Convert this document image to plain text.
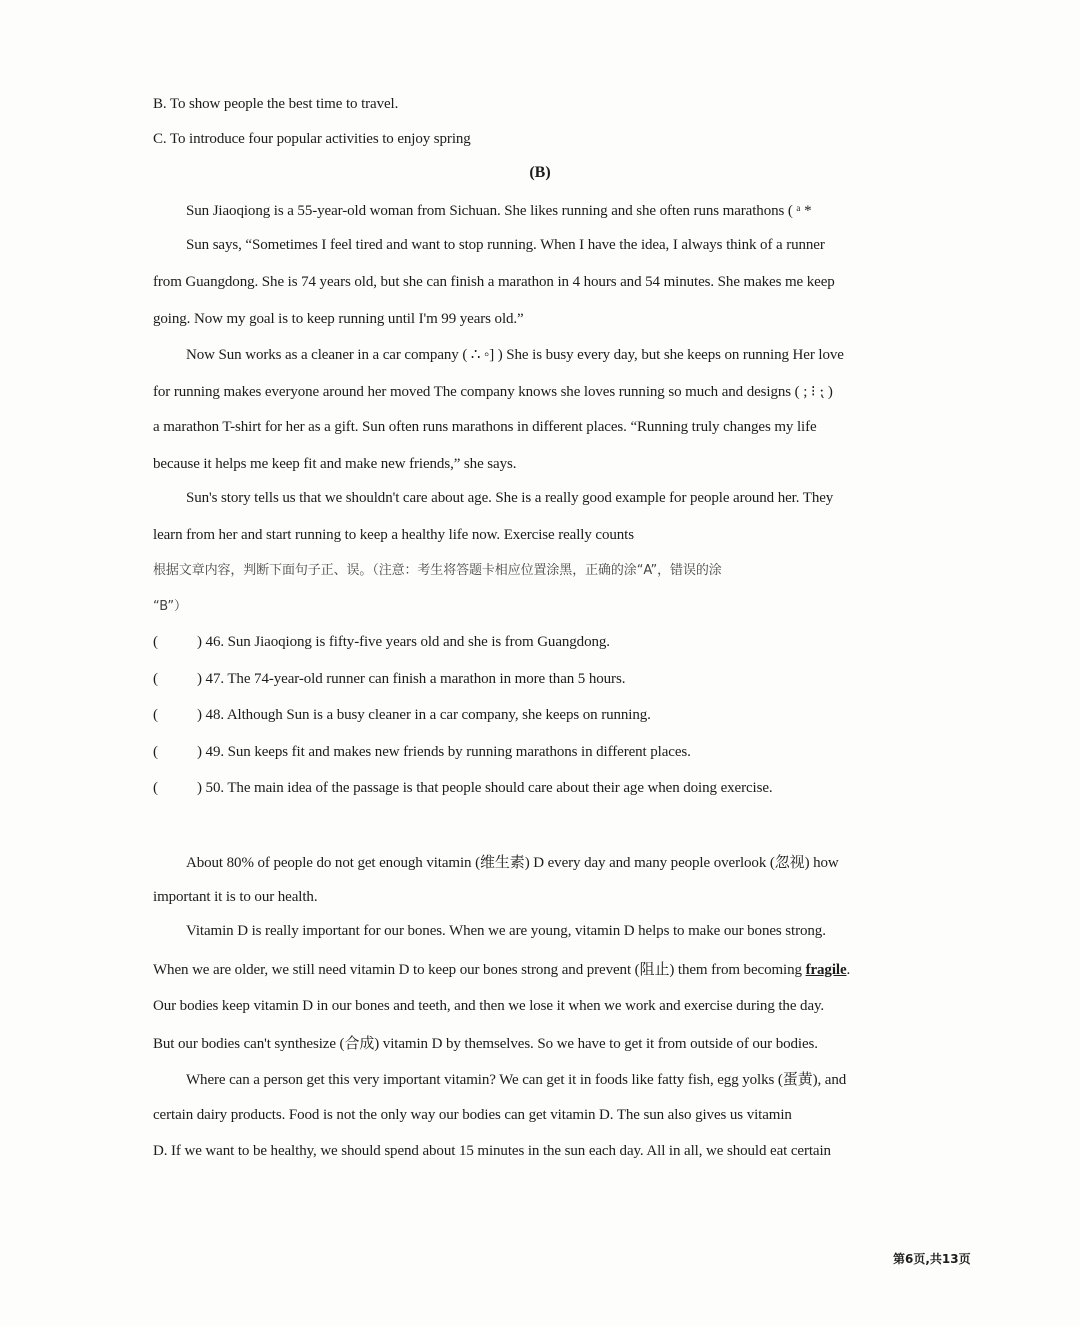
B. To show people the best time to travel.
C. To introduce four popular activities to enjoy spring
(B)
Sun Jiaoqiong is a 55-year-old woman from Sichuan. She likes running and she often runs marathons ( ᵃ *
Sun says, “Sometimes I feel tired and want to stop running. When I have the idea, I always think of a runner
from Guangdong. She is 74 years old, but she can finish a marathon in 4 hours and 54 minutes. She makes me keep
going. Now my goal is to keep running until I'm 99 years old.”
Now Sun works as a cleaner in a car company ( ∴ ◦] ) She is busy every day, but she keeps on running Her love
for running makes everyone around her moved The company knows she loves running so much and designs ( ; ⁝ ⁏ )
a marathon T-shirt for her as a gift. Sun often runs marathons in different places. “Running truly changes my life
because it helps me keep fit and make new friends,” she says.
Sun's story tells us that we shouldn't care about age. She is a really good example for people around her. They
learn from her and start running to keep a healthy life now. Exercise really counts
根据文章内容，判断下面句子正、误。（注意：考生将答题卡相应位置涂黑，正确的涂“A”，错误的涂
“B”）
(	) 46. Sun Jiaoqiong is fifty-five years old and she is from Guangdong.
(	) 47. The 74-year-old runner can finish a marathon in more than 5 hours.
(	) 48. Although Sun is a busy cleaner in a car company, she keeps on running.
(	) 49. Sun keeps fit and makes new friends by running marathons in different places.
(	) 50. The main idea of the passage is that people should care about their age when doing exercise.
About 80% of people do not get enough vitamin (维生素) D every day and many people overlook (忽视) how
important it is to our health.
Vitamin D is really important for our bones. When we are young, vitamin D helps to make our bones strong.
When we are older, we still need vitamin D to keep our bones strong and prevent (阻止) them from becoming fragile.
Our bodies keep vitamin D in our bones and teeth, and then we lose it when we work and exercise during the day.
But our bodies can't synthesize (合成) vitamin D by themselves. So we have to get it from outside of our bodies.
Where can a person get this very important vitamin? We can get it in foods like fatty fish, egg yolks (蛋黄), and
certain dairy products. Food is not the only way our bodies can get vitamin D. The sun also gives us vitamin
D. If we want to be healthy, we should spend about 15 minutes in the sun each day. All in all, we should eat certain
第6页,共13页
